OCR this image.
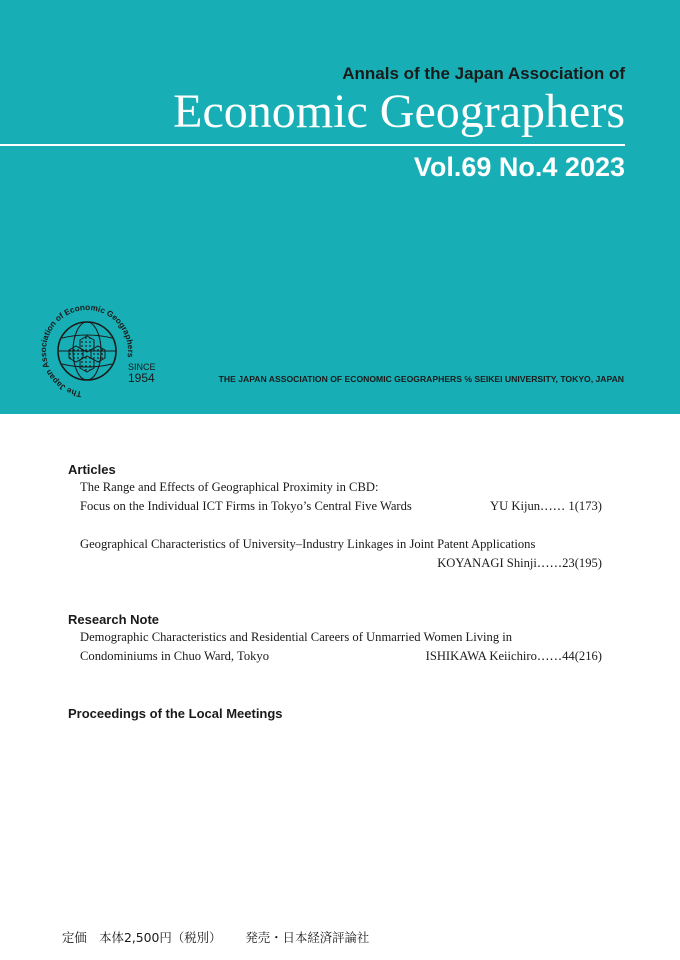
Annals of the Japan Association of
Economic Geographers
Vol.69 No.4 2023
The Japan Association of Economic Geographers
SINCE
1954	THE JAPAN ASSOCIATION OF ECONOMIC GEOGRAPHERS ℅ SEIKEI UNIVERSITY, TOKYO, JAPAN
Articles
The Range and Effects of Geographical Proximity in CBD:
Focus on the Individual ICT Firms in Tokyo’s Central Five Wards	YU Kijun‥‥‥ 1(173)
Geographical Characteristics of University–Industry Linkages in Joint Patent Applications
KOYANAGI Shinji‥‥‥23(195)
Research Note
Demographic Characteristics and Residential Careers of Unmarried Women Living in
Condominiums in Chuo Ward, Tokyo	ISHIKAWA Keiichiro‥‥‥44(216)
Proceedings of the Local Meetings
定価　本体2,500円（税別） 発売・日本経済評論社
